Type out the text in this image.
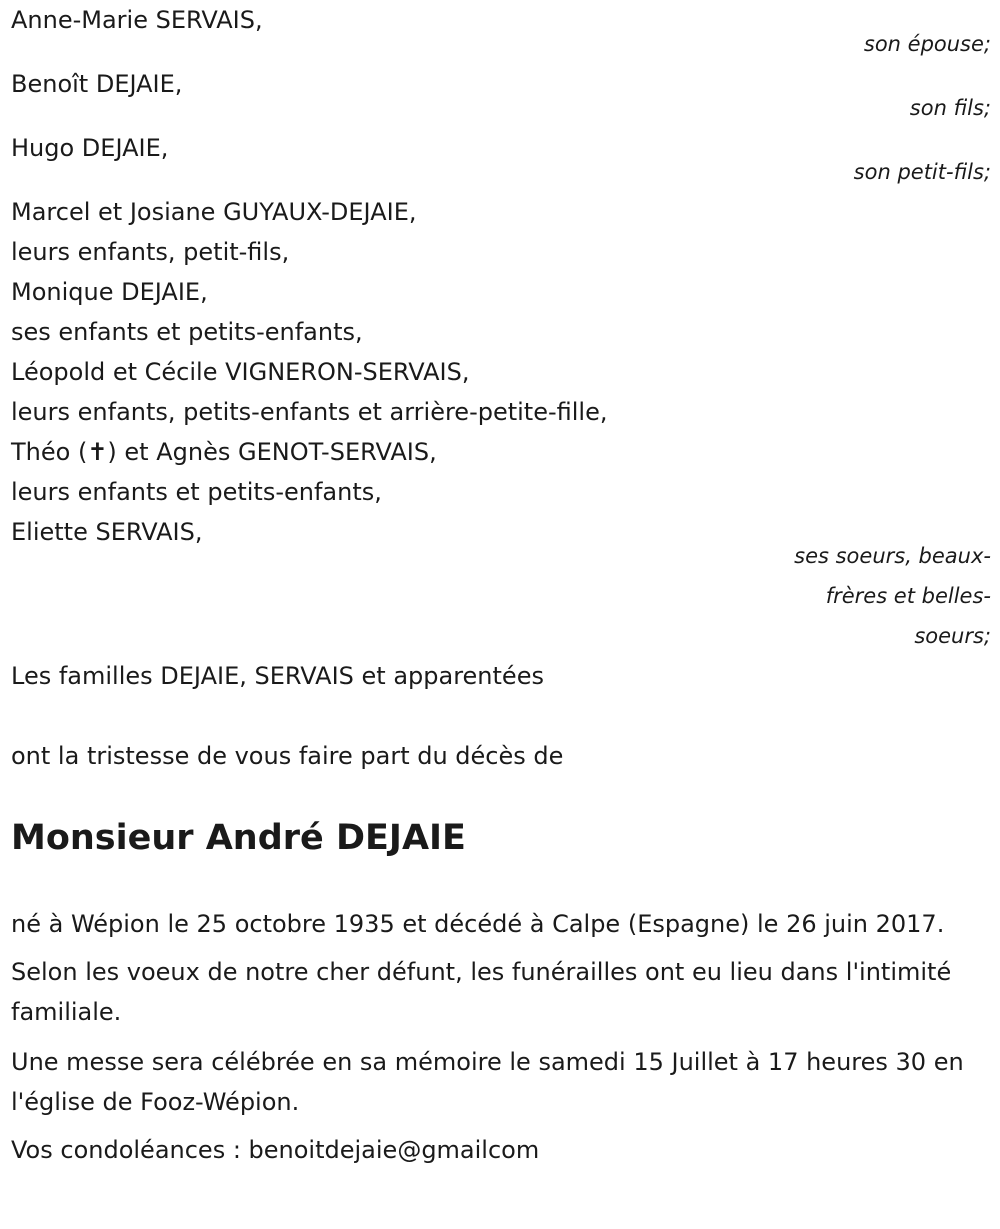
Anne-Marie SERVAIS,

son épouse;

Benoît DEJAIE,

son fils;

Hugo DEJAIE,

son petit-fils;

Marcel et Josiane GUYAUX-DEJAIE,

leurs enfants, petit-fils,

Monique DEJAIE,

ses enfants et petits-enfants,

Léopold et Cécile VIGNERON-SERVAIS,

leurs enfants, petits-enfants et arrière-petite-fille,

Théo (✝) et Agnès GENOT-SERVAIS,

leurs enfants et petits-enfants,

Eliette SERVAIS,

ses soeurs, beaux-frères et belles-soeurs;

Les familles DEJAIE, SERVAIS et apparentées

ont la tristesse de vous faire part du décès de

Monsieur André DEJAIE

né à Wépion le 25 octobre 1935 et décédé à Calpe (Espagne) le 26 juin 2017.

Selon les voeux de notre cher défunt, les funérailles ont eu lieu dans l'intimité familiale.

Une messe sera célébrée en sa mémoire le samedi 15 Juillet à 17 heures 30 en l'église de Fooz-Wépion.

Vos condoléances : benoitdejaie@gmailcom
